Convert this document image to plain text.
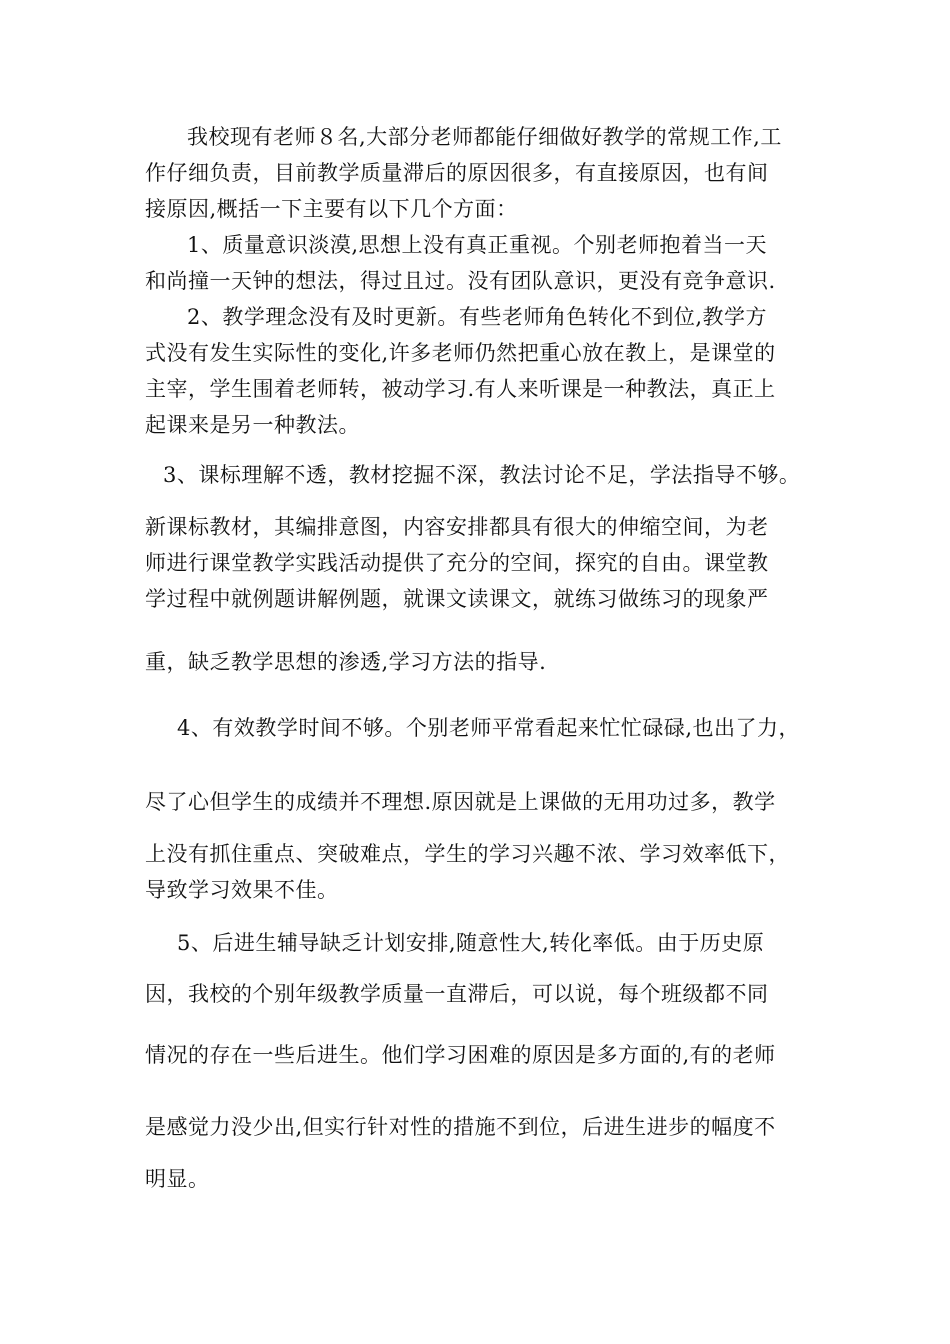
我校现有老师８名,大部分老师都能仔细做好教学的常规工作,工
作仔细负责，目前教学质量滞后的原因很多，有直接原因，也有间
接原因,概括一下主要有以下几个方面：
1、质量意识淡漠,思想上没有真正重视。个别老师抱着当一天
和尚撞一天钟的想法，得过且过。没有团队意识，更没有竞争意识.
2、教学理念没有及时更新。有些老师角色转化不到位,教学方
式没有发生实际性的变化,许多老师仍然把重心放在教上，是课堂的
主宰，学生围着老师转，被动学习.有人来听课是一种教法，真正上
起课来是另一种教法。
3、课标理解不透，教材挖掘不深，教法讨论不足，学法指导不够。
新课标教材，其编排意图，内容安排都具有很大的伸缩空间，为老
师进行课堂教学实践活动提供了充分的空间，探究的自由。课堂教
学过程中就例题讲解例题，就课文读课文，就练习做练习的现象严
重，缺乏教学思想的渗透,学习方法的指导.
4、有效教学时间不够。个别老师平常看起来忙忙碌碌,也出了力，
尽了心但学生的成绩并不理想.原因就是上课做的无用功过多，教学
上没有抓住重点、突破难点，学生的学习兴趣不浓、学习效率低下，
导致学习效果不佳。
5、后进生辅导缺乏计划安排,随意性大,转化率低。由于历史原
因，我校的个别年级教学质量一直滞后，可以说，每个班级都不同
情况的存在一些后进生。他们学习困难的原因是多方面的,有的老师
是感觉力没少出,但实行针对性的措施不到位，后进生进步的幅度不
明显。
